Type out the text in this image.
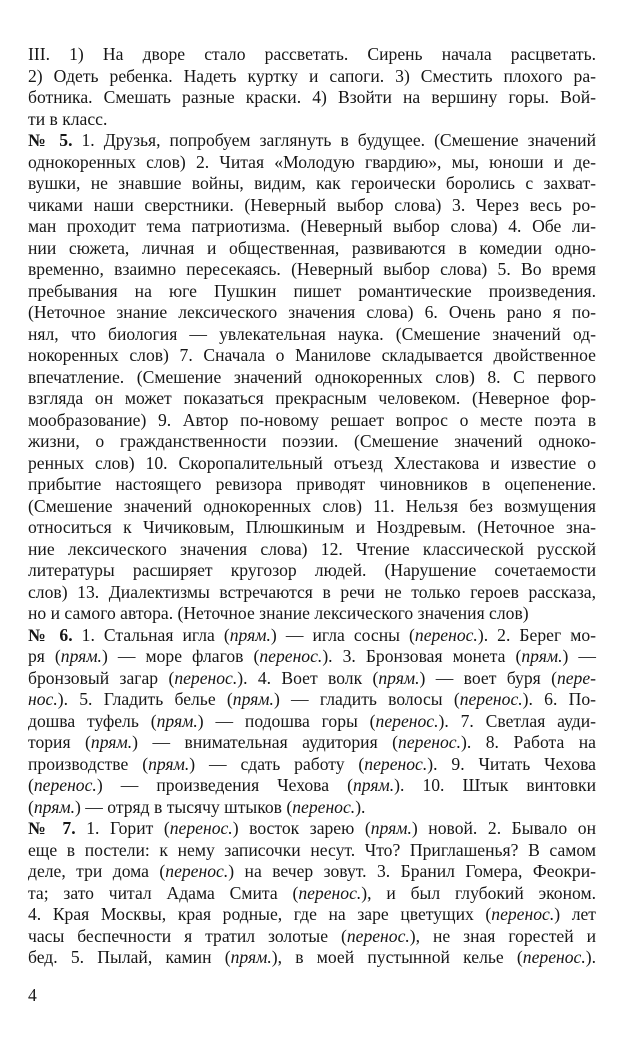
III. 1) На дворе стало рассветать. Сирень начала расцветать.
2) Одеть ребенка. Надеть куртку и сапоги. 3) Сместить плохого ра-
ботника. Смешать разные краски. 4) Взойти на вершину горы. Вой-
ти в класс.
№ 5. 1. Друзья, попробуем заглянуть в будущее. (Смешение значений
однокоренных слов) 2. Читая «Молодую гвардию», мы, юноши и де-
вушки, не знавшие войны, видим, как героически боролись с захват-
чиками наши сверстники. (Неверный выбор слова) 3. Через весь ро-
ман проходит тема патриотизма. (Неверный выбор слова) 4. Обе ли-
нии сюжета, личная и общественная, развиваются в комедии одно-
временно, взаимно пересекаясь. (Неверный выбор слова) 5. Во время
пребывания на юге Пушкин пишет романтические произведения.
(Неточное знание лексического значения слова) 6. Очень рано я по-
нял, что биология — увлекательная наука. (Смешение значений од-
нокоренных слов) 7. Сначала о Манилове складывается двойственное
впечатление. (Смешение значений однокоренных слов) 8. С первого
взгляда он может показаться прекрасным человеком. (Неверное фор-
мообразование) 9. Автор по-новому решает вопрос о месте поэта в
жизни, о гражданственности поэзии. (Смешение значений одноко-
ренных слов) 10. Скоропалительный отъезд Хлестакова и известие о
прибытие настоящего ревизора приводят чиновников в оцепенение.
(Смешение значений однокоренных слов) 11. Нельзя без возмущения
относиться к Чичиковым, Плюшкиным и Ноздревым. (Неточное зна-
ние лексического значения слова) 12. Чтение классической русской
литературы расширяет кругозор людей. (Нарушение сочетаемости
слов) 13. Диалектизмы встречаются в речи не только героев рассказа,
но и самого автора. (Неточное знание лексического значения слов)
№ 6. 1. Стальная игла (прям.) — игла сосны (перенос.). 2. Берег мо-
ря (прям.) — море флагов (перенос.). 3. Бронзовая монета (прям.) —
бронзовый загар (перенос.). 4. Воет волк (прям.) — воет буря (пере-
нос.). 5. Гладить белье (прям.) — гладить волосы (перенос.). 6. По-
дошва туфель (прям.) — подошва горы (перенос.). 7. Светлая ауди-
тория (прям.) — внимательная аудитория (перенос.). 8. Работа на
производстве (прям.) — сдать работу (перенос.). 9. Читать Чехова
(перенос.) — произведения Чехова (прям.). 10. Штык винтовки
(прям.) — отряд в тысячу штыков (перенос.).
№ 7. 1. Горит (перенос.) восток зарею (прям.) новой. 2. Бывало он
еще в постели: к нему записочки несут. Что? Приглашенья? В самом
деле, три дома (перенос.) на вечер зовут. 3. Бранил Гомера, Феокри-
та; зато читал Адама Смита (перенос.), и был глубокий эконом.
4. Края Москвы, края родные, где на заре цветущих (перенос.) лет
часы беспечности я тратил золотые (перенос.), не зная горестей и
бед. 5. Пылай, камин (прям.), в моей пустынной келье (перенос.).
4
